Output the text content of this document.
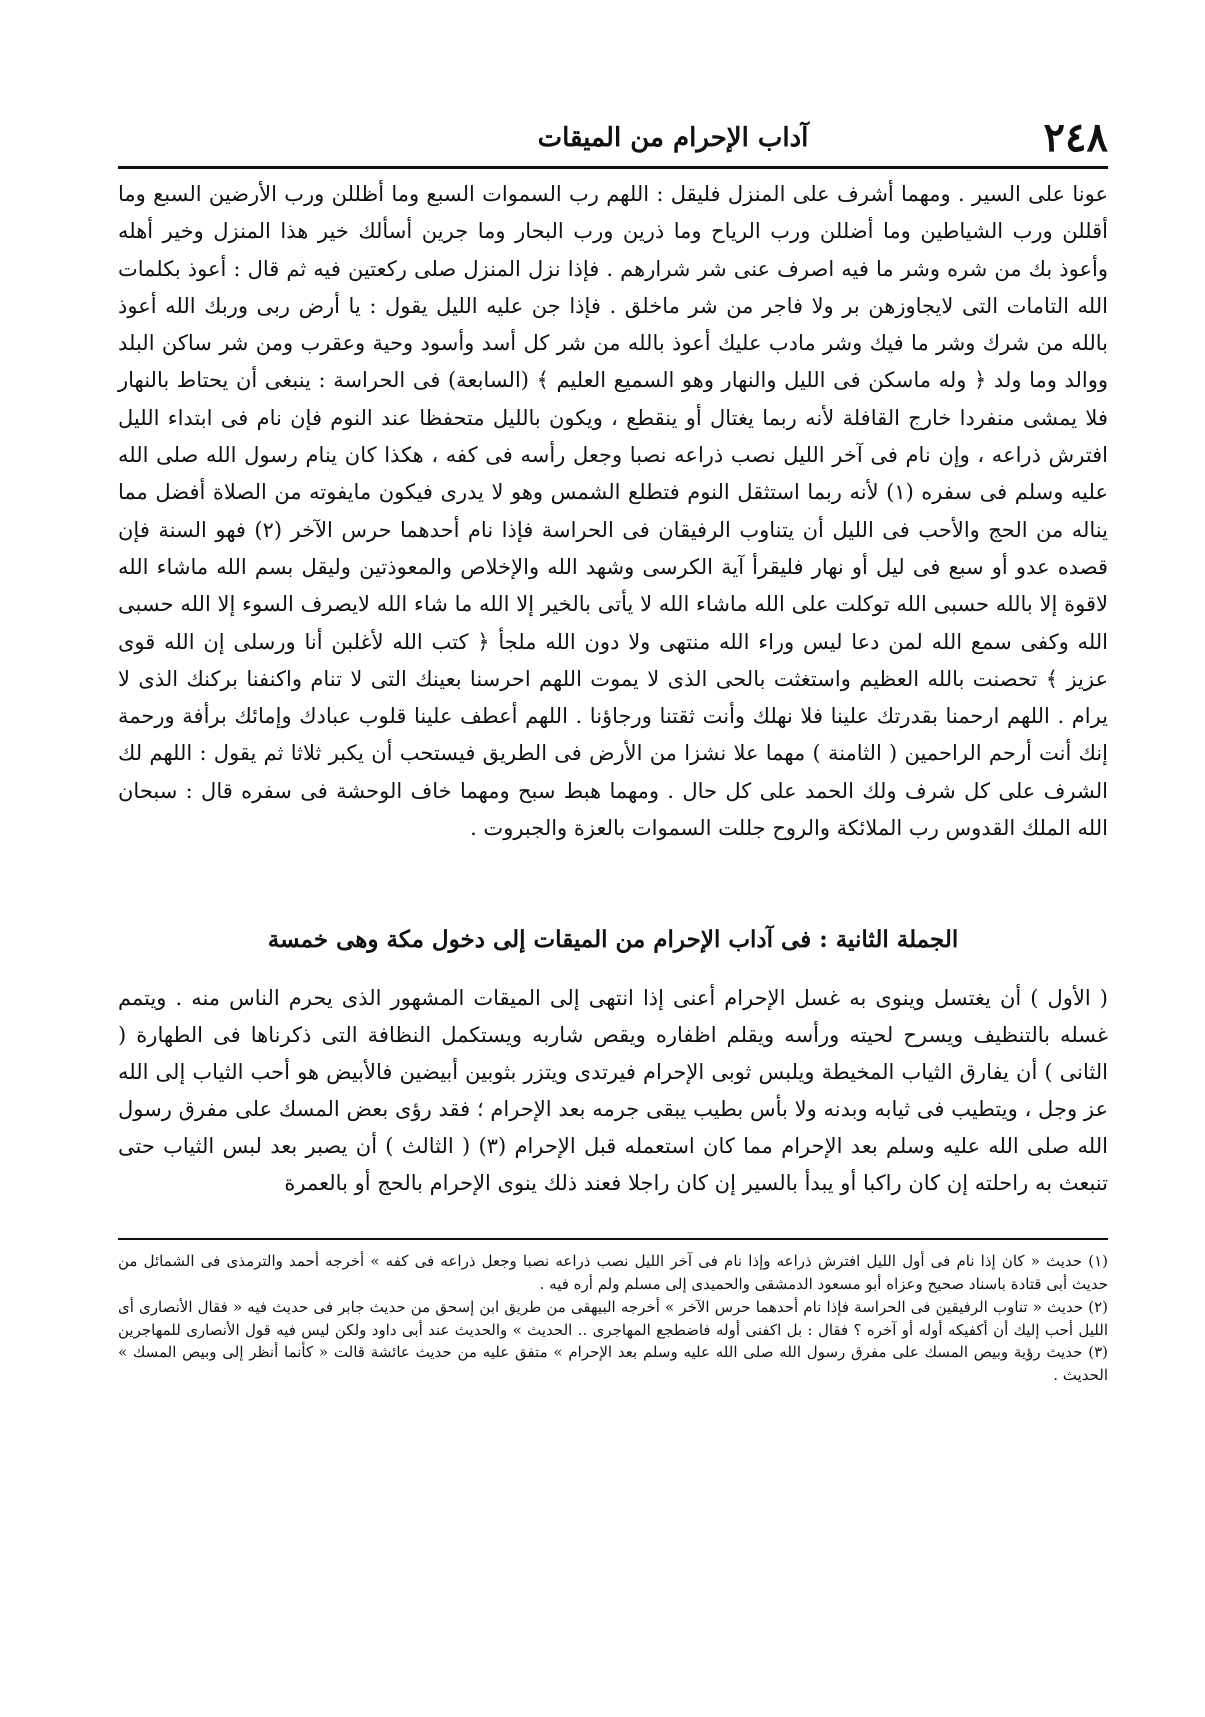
٢٤٨
آداب الإحرام من الميقات

عونا على السير . ومهما أشرف على المنزل فليقل : اللهم رب السموات السبع وما أظللن ورب الأرضين السبع وما أقللن ورب الشياطين وما أضللن ورب الرياح وما ذرين ورب البحار وما جرين أسألك خير هذا المنزل وخير أهله وأعوذ بك من شره وشر ما فيه اصرف عنى شر شرارهم . فإذا نزل المنزل صلى ركعتين فيه ثم قال : أعوذ بكلمات الله التامات التى لايجاوزهن بر ولا فاجر من شر ماخلق . فإذا جن عليه الليل يقول : يا أرض ربى وربك الله أعوذ بالله من شرك وشر ما فيك وشر مادب عليك أعوذ بالله من شر كل أسد وأسود وحية وعقرب ومن شر ساكن البلد ووالد وما ولد ﴿ وله ماسكن فى الليل والنهار وهو السميع العليم ﴾ (السابعة) فى الحراسة : ينبغى أن يحتاط بالنهار فلا يمشى منفردا خارج القافلة لأنه ربما يغتال أو ينقطع ، ويكون بالليل متحفظا عند النوم فإن نام فى ابتداء الليل افترش ذراعه ، وإن نام فى آخر الليل نصب ذراعه نصبا وجعل رأسه فى كفه ، هكذا كان ينام رسول الله صلى الله عليه وسلم فى سفره (١) لأنه ربما استثقل النوم فتطلع الشمس وهو لا يدرى فيكون مايفوته من الصلاة أفضل مما يناله من الحج والأحب فى الليل أن يتناوب الرفيقان فى الحراسة فإذا نام أحدهما حرس الآخر (٢) فهو السنة فإن قصده عدو أو سبع فى ليل أو نهار فليقرأ آية الكرسى وشهد الله والإخلاص والمعوذتين وليقل بسم الله ماشاء الله لاقوة إلا بالله حسبى الله توكلت على الله ماشاء الله لا يأتى بالخير إلا الله ما شاء الله لايصرف السوء إلا الله حسبى الله وكفى سمع الله لمن دعا ليس وراء الله منتهى ولا دون الله ملجأ ﴿ كتب الله لأغلبن أنا ورسلى إن الله قوى عزيز ﴾ تحصنت بالله العظيم واستغثت بالحى الذى لا يموت اللهم احرسنا بعينك التى لا تنام واكنفنا بركنك الذى لا يرام . اللهم ارحمنا بقدرتك علينا فلا نهلك وأنت ثقتنا ورجاؤنا . اللهم أعطف علينا قلوب عبادك وإمائك برأفة ورحمة إنك أنت أرحم الراحمين ( الثامنة ) مهما علا نشزا من الأرض فى الطريق فيستحب أن يكبر ثلاثا ثم يقول : اللهم لك الشرف على كل شرف ولك الحمد على كل حال . ومهما هبط سبح ومهما خاف الوحشة فى سفره قال : سبحان الله الملك القدوس رب الملائكة والروح جللت السموات بالعزة والجبروت .

الجملة الثانية : فى آداب الإحرام من الميقات إلى دخول مكة وهى خمسة

( الأول ) أن يغتسل وينوى به غسل الإحرام أعنى إذا انتهى إلى الميقات المشهور الذى يحرم الناس منه . ويتمم غسله بالتنظيف ويسرح لحيته ورأسه ويقلم اظفاره ويقص شاربه ويستكمل النظافة التى ذكرناها فى الطهارة ( الثانى ) أن يفارق الثياب المخيطة ويلبس ثوبى الإحرام فيرتدى ويتزر بثوبين أبيضين فالأبيض هو أحب الثياب إلى الله عز وجل ، ويتطيب فى ثيابه وبدنه ولا بأس بطيب يبقى جرمه بعد الإحرام ؛ فقد رؤى بعض المسك على مفرق رسول الله صلى الله عليه وسلم بعد الإحرام مما كان استعمله قبل الإحرام (٣) ( الثالث ) أن يصبر بعد لبس الثياب حتى تنبعث به راحلته إن كان راكبا أو يبدأ بالسير إن كان راجلا فعند ذلك ينوى الإحرام بالحج أو بالعمرة

(١) حديث « كان إذا نام فى أول الليل افترش ذراعه وإذا نام فى آخر الليل نصب ذراعه نصبا وجعل ذراعه فى كفه » أخرجه أحمد والترمذى فى الشمائل من حديث أبى قتادة باسناد صحيح وعزاه أبو مسعود الدمشقى والحميدى إلى مسلم ولم أره فيه .

(٢) حديث « تناوب الرفيقين فى الحراسة فإذا نام أحدهما حرس الآخر » أخرجه البيهقى من طريق ابن إسحق من حديث جابر فى حديث فيه « فقال الأنصارى أى الليل أحب إليك أن أكفيكه أوله أو آخره ؟ فقال : بل اكفنى أوله فاضطجع المهاجرى .. الحديث » والحديث عند أبى داود ولكن ليس فيه قول الأنصارى للمهاجرين (٣) حديث رؤية وبيص المسك على مفرق رسول الله صلى الله عليه وسلم بعد الإحرام » متفق عليه من حديث عائشة قالت « كأنما أنظر إلى وبيص المسك » الحديث .
